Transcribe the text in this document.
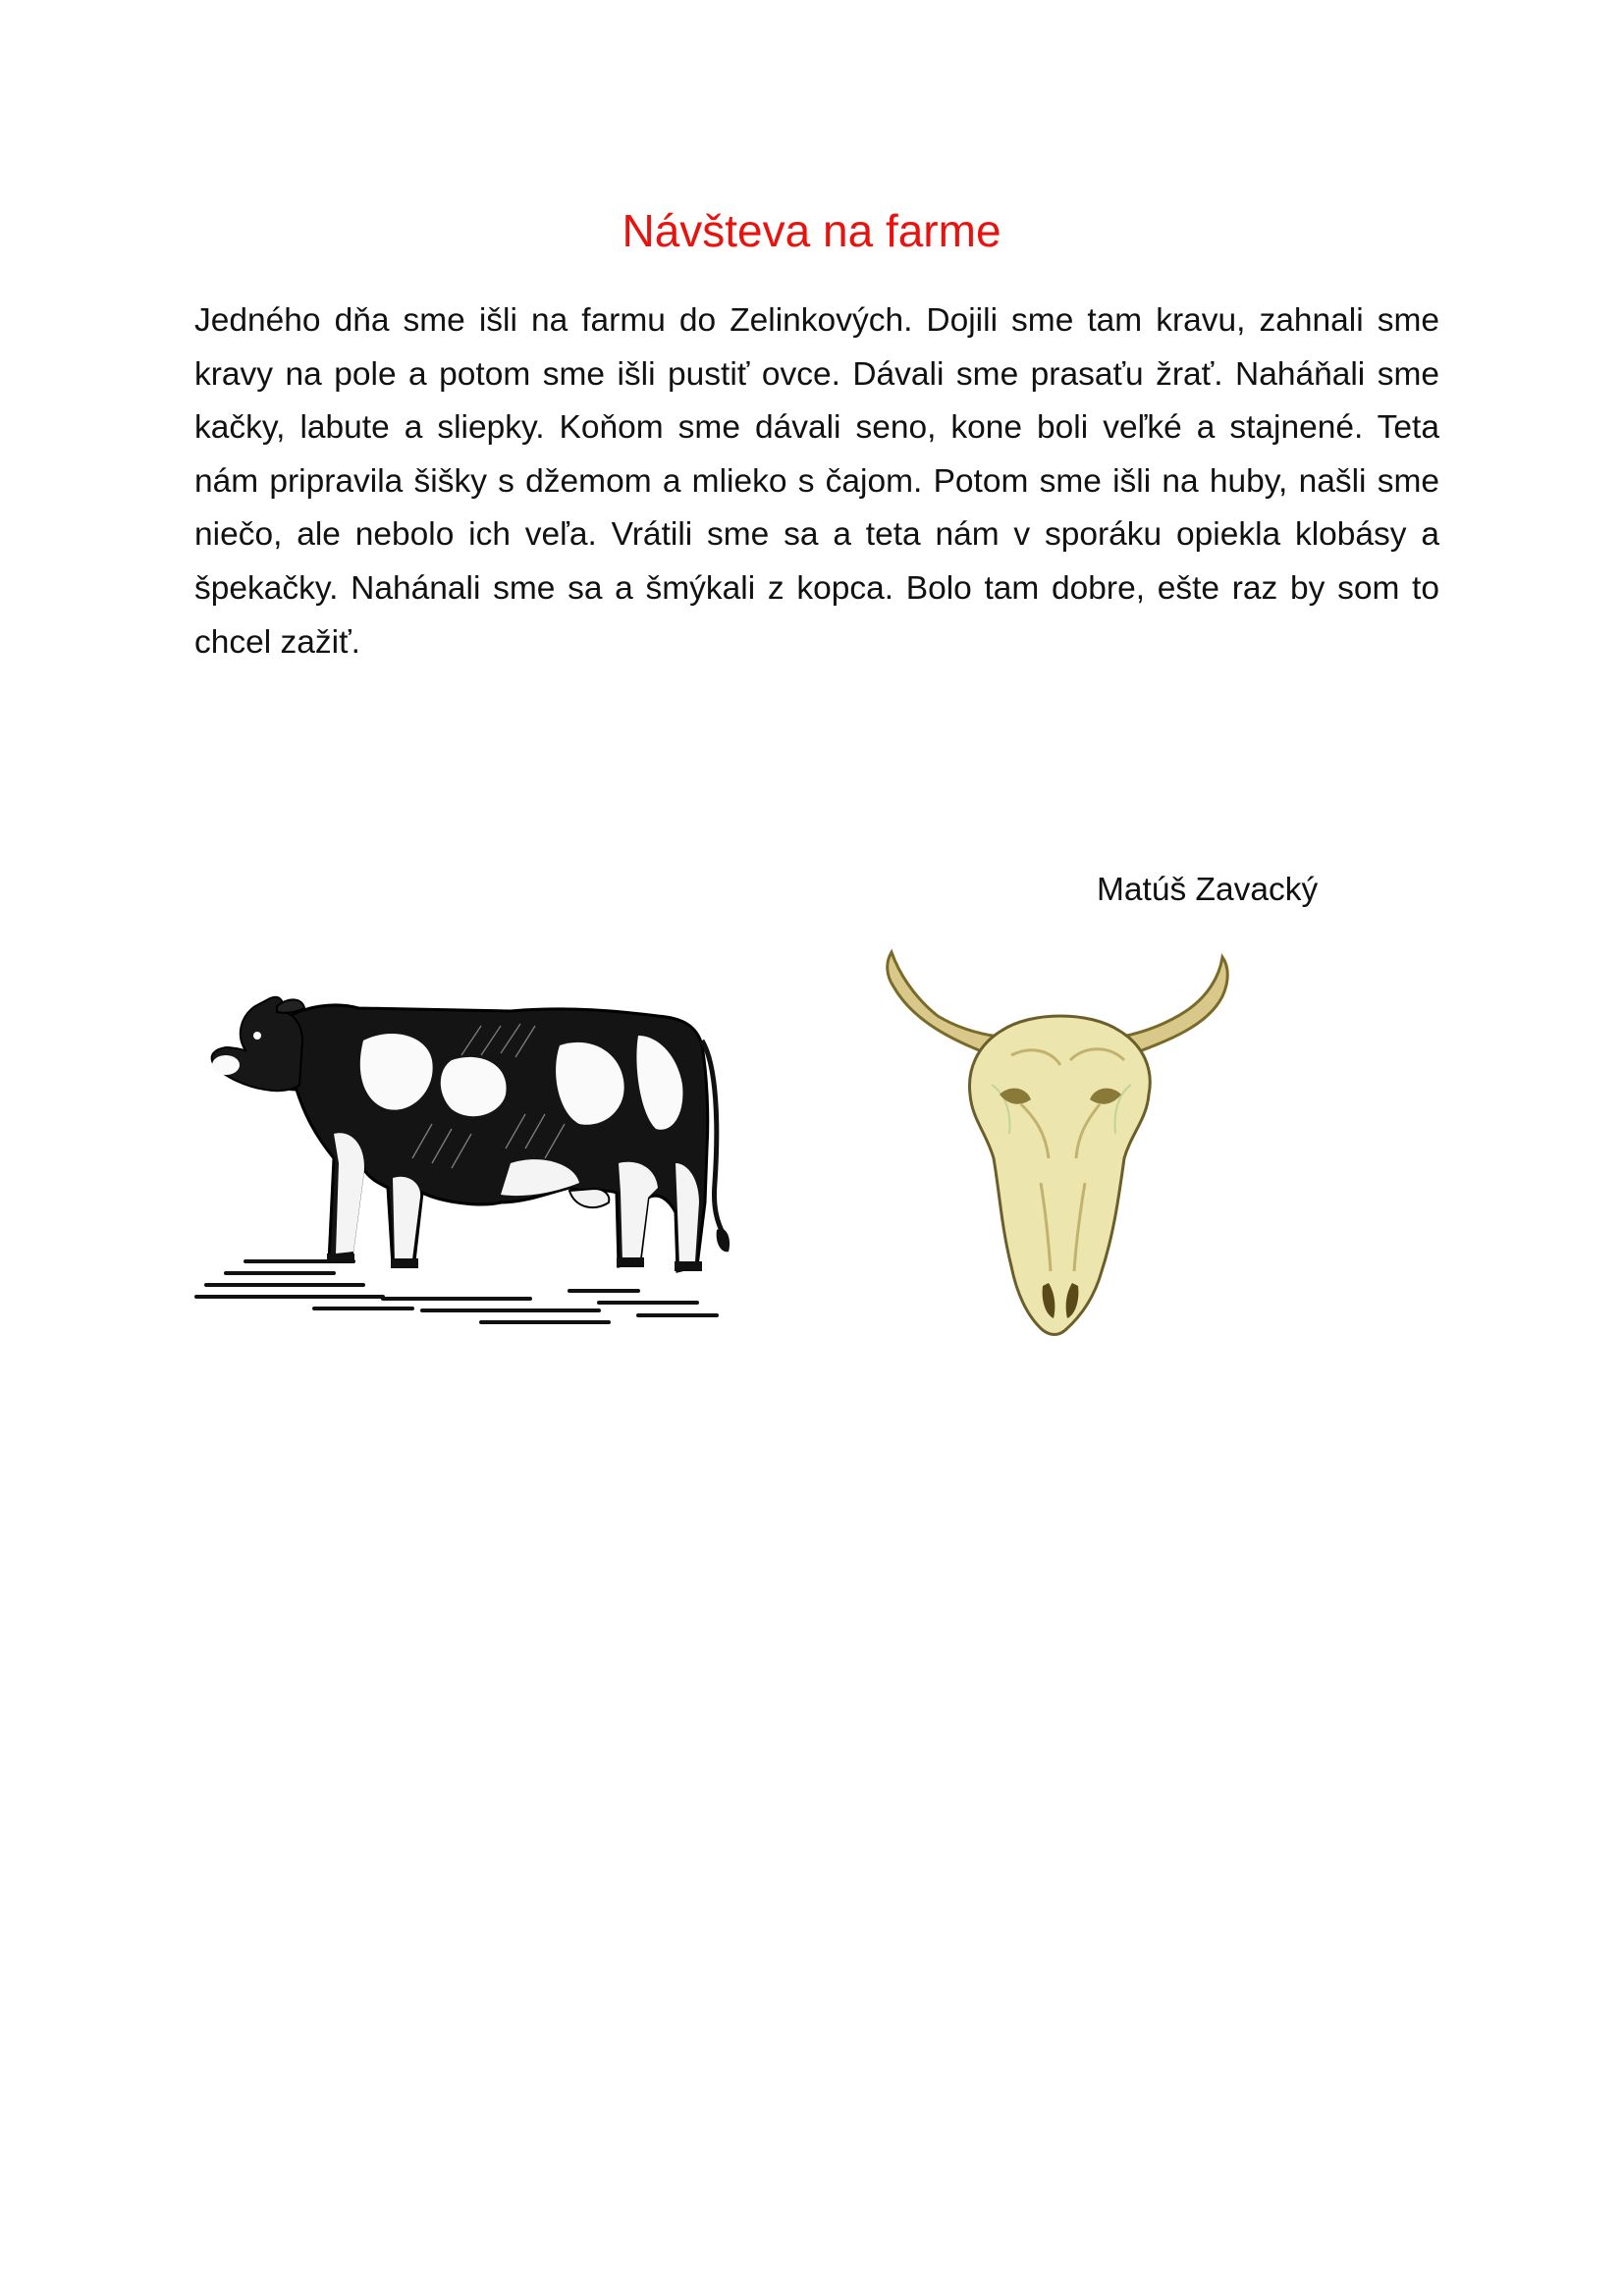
Návšteva na farme

Jedného dňa sme išli na farmu do Zelinkových. Dojili sme tam kravu, zahnali sme kravy na pole a potom sme išli pustiť ovce. Dávali sme prasaťu žrať. Naháňali sme kačky, labute a sliepky. Koňom sme dávali seno, kone boli veľké a stajnené. Teta nám pripravila šišky s džemom a mlieko s čajom. Potom sme išli na huby, našli sme niečo, ale nebolo ich veľa. Vrátili sme sa a teta nám v sporáku opiekla klobásy a špekačky. Nahánali sme sa a šmýkali z kopca. Bolo tam dobre, ešte raz by som to chcel zažiť.

Matúš Zavacký
